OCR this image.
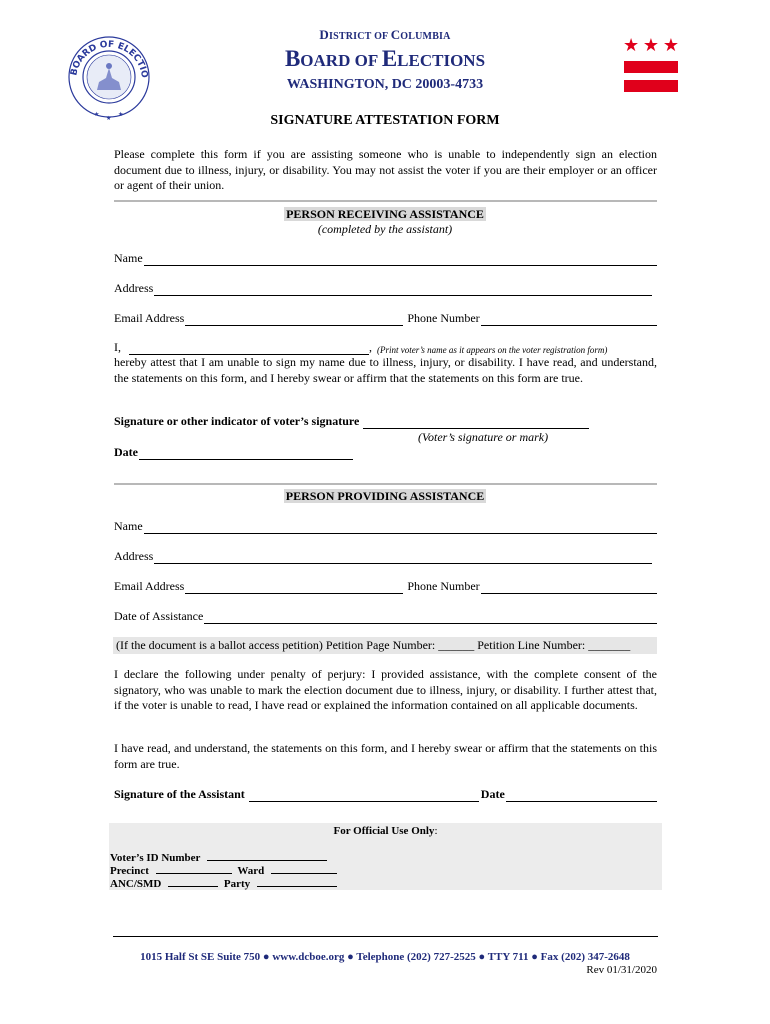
BOARD OF ELECTIO
★
★
★
DISTRICT OF COLUMBIA
BOARD OF ELECTIONS
WASHINGTON, DC 20003-4733
★ ★ ★
SIGNATURE ATTESTATION FORM
Please complete this form if you are assisting someone who is unable to independently sign an election document due to illness, injury, or disability. You may not assist the voter if you are their employer or an officer or agent of their union.
PERSON RECEIVING ASSISTANCE
(completed by the assistant)
Name
Address
Email Address	Phone Number
I,	, (Print voter’s name as it appears on the voter registration form)
hereby attest that I am unable to sign my name due to illness, injury, or disability. I have read, and understand, the statements on this form, and I hereby swear or affirm that the statements on this form are true.
Signature or other indicator of voter’s signature
(Voter’s signature or mark)
Date
PERSON PROVIDING ASSISTANCE
Name
Address
Email Address	Phone Number
Date of Assistance
(If the document is a ballot access petition) Petition Page Number: ______ Petition Line Number: _______
I declare the following under penalty of perjury: I provided assistance, with the complete consent of the signatory, who was unable to mark the election document due to illness, injury, or disability. I further attest that, if the voter is unable to read, I have read or explained the information contained on all applicable documents.
I have read, and understand, the statements on this form, and I hereby swear or affirm that the statements on this form are true.
Signature of the Assistant	Date
For Official Use Only:
Voter’s ID Number
Precinct	Ward
ANC/SMD	Party
1015 Half St SE Suite 750 ● www.dcboe.org ● Telephone (202) 727-2525 ● TTY 711 ● Fax (202) 347-2648
Rev 01/31/2020
